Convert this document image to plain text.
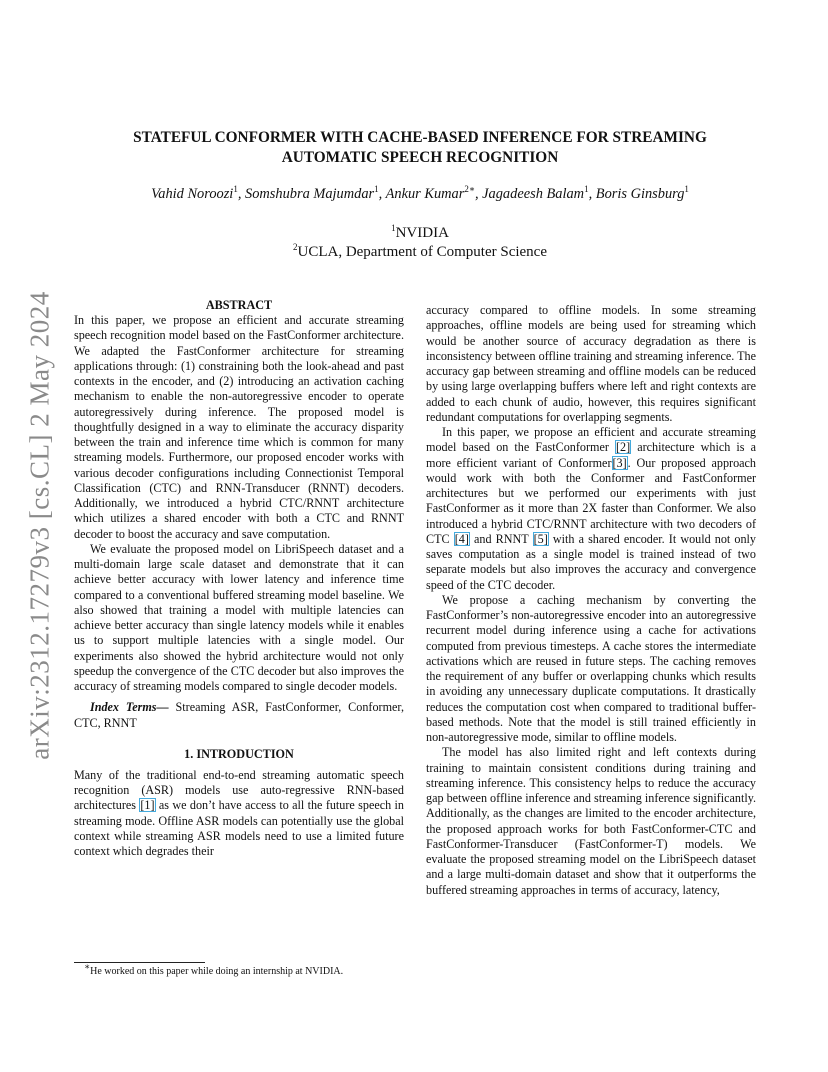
arXiv:2312.17279v3 [cs.CL] 2 May 2024
STATEFUL CONFORMER WITH CACHE-BASED INFERENCE FOR STREAMING
AUTOMATIC SPEECH RECOGNITION
Vahid Noroozi$^1$, Somshubra Majumdar$^1$, Ankur Kumar$^{2∗}$, Jagadeesh Balam$^1$, Boris Ginsburg$^1$
$^1$NVIDIA
$^2$UCLA, Department of Computer Science
ABSTRACT
In this paper, we propose an efficient and accurate streaming speech recognition model based on the FastConformer architecture. We adapted the FastConformer architecture for streaming applications through: (1) constraining both the look-ahead and past contexts in the encoder, and (2) introducing an activation caching mechanism to enable the non-autoregressive encoder to operate autoregressively during inference. The proposed model is thoughtfully designed in a way to eliminate the accuracy disparity between the train and inference time which is common for many streaming models. Furthermore, our proposed encoder works with various decoder configurations including Connectionist Temporal Classification (CTC) and RNN-Transducer (RNNT) decoders. Additionally, we introduced a hybrid CTC/RNNT architecture which utilizes a shared encoder with both a CTC and RNNT decoder to boost the accuracy and save computation.
We evaluate the proposed model on LibriSpeech dataset and a multi-domain large scale dataset and demonstrate that it can achieve better accuracy with lower latency and inference time compared to a conventional buffered streaming model baseline. We also showed that training a model with multiple latencies can achieve better accuracy than single latency models while it enables us to support multiple latencies with a single model. Our experiments also showed the hybrid architecture would not only speedup the convergence of the CTC decoder but also improves the accuracy of streaming models compared to single decoder models.
Index Terms— Streaming ASR, FastConformer, Conformer, CTC, RNNT
1. INTRODUCTION
Many of the traditional end-to-end streaming automatic speech recognition (ASR) models use auto-regressive RNN-based architectures [1] as we don’t have access to all the future speech in streaming mode. Offline ASR models can potentially use the global context while streaming ASR models need to use a limited future context which degrades their
accuracy compared to offline models. In some streaming approaches, offline models are being used for streaming which would be another source of accuracy degradation as there is inconsistency between offline training and streaming inference. The accuracy gap between streaming and offline models can be reduced by using large overlapping buffers where left and right contexts are added to each chunk of audio, however, this requires significant redundant computations for overlapping segments.
In this paper, we propose an efficient and accurate streaming model based on the FastConformer [2] architecture which is a more efficient variant of Conformer[3]. Our proposed approach would work with both the Conformer and FastConformer architectures but we performed our experiments with just FastConformer as it more than 2X faster than Conformer. We also introduced a hybrid CTC/RNNT architecture with two decoders of CTC [4] and RNNT [5] with a shared encoder. It would not only saves computation as a single model is trained instead of two separate models but also improves the accuracy and convergence speed of the CTC decoder.
We propose a caching mechanism by converting the FastConformer’s non-autoregressive encoder into an autoregressive recurrent model during inference using a cache for activations computed from previous timesteps. A cache stores the intermediate activations which are reused in future steps. The caching removes the requirement of any buffer or overlapping chunks which results in avoiding any unnecessary duplicate computations. It drastically reduces the computation cost when compared to traditional buffer-based methods. Note that the model is still trained efficiently in non-autoregressive mode, similar to offline models.
The model has also limited right and left contexts during training to maintain consistent conditions during training and streaming inference. This consistency helps to reduce the accuracy gap between offline inference and streaming inference significantly. Additionally, as the changes are limited to the encoder architecture, the proposed approach works for both FastConformer-CTC and FastConformer-Transducer (FastConformer-T) models. We evaluate the proposed streaming model on the LibriSpeech dataset and a large multi-domain dataset and show that it outperforms the buffered streaming approaches in terms of accuracy, latency,
∗He worked on this paper while doing an internship at NVIDIA.
